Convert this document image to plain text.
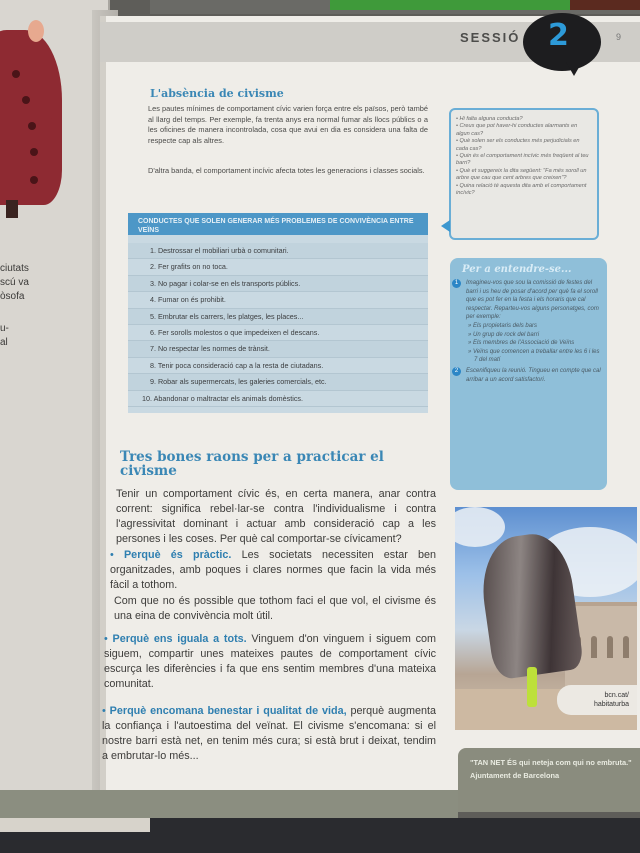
ciutats
scú va
òsofa
u-
al
SESSIÓ 2	9
L'absència de civisme
Les pautes mínimes de comportament cívic varien força entre els països, però també al llarg del temps. Per exemple, fa trenta anys era normal fumar als llocs públics o a les oficines de manera incontrolada, cosa que avui en dia es considera una falta de respecte cap als altres.
D'altra banda, el comportament incívic afecta totes les generacions i classes socials.
CONDUCTES QUE SOLEN GENERAR MÉS PROBLEMES DE CONVIVÈNCIA ENTRE VEÏNS
1. Destrossar el mobiliari urbà o comunitari.
2. Fer grafits on no toca.
3. No pagar i colar-se en els transports públics.
4. Fumar on és prohibit.
5. Embrutar els carrers, les platges, les places...
6. Fer sorolls molestos o que impedeixen el descans.
7. No respectar les normes de trànsit.
8. Tenir poca consideració cap a la resta de ciutadans.
9. Robar als supermercats, les galeries comercials, etc.
10. Abandonar o maltractar els animals domèstics.
• Hi falta alguna conducta?
• Creus que pot haver-hi conductes alarmants en algun cas?
• Què solen ser els conductes més perjudicials en cada cas?
• Quin és el comportament incívic més freqüent al teu barri?
• Què et suggereix la dita següent: "Fa més soroll un arbre que cau que cent arbres que creixen"?
• Quina relació té aquesta dita amb el comportament incívic?
Per a entendre-se...
1	Imagineu-vos que sou la comissió de festes del barri i us heu de posar d'acord per què fa el soroll que es pot fer en la festa i els horaris que cal respectar. Reparteu-vos alguns personatges, com per exemple:
» Els propietaris dels bars
» Un grup de rock del barri
» Els membres de l'Associació de Veïns
» Veïns que comencen a treballar entre les 6 i les 7 del matí
2	Escenifiqueu la reunió. Tingueu en compte que cal arribar a un acord satisfactori.
Tres bones raons per a practicar el civisme
Tenir un comportament cívic és, en certa manera, anar contra corrent: significa rebel·lar-se contra l'individualisme i contra l'agressivitat dominant i actuar amb consideració cap a les persones i les coses. Per què cal comportar-se cívicament?
• Perquè és pràctic. Les societats necessiten estar ben organitzades, amb poques i clares normes que facin la vida més fàcil a tothom.
Com que no és possible que tothom faci el que vol, el civisme és una eina de convivència molt útil.
• Perquè ens iguala a tots. Vinguem d'on vinguem i siguem com siguem, compartir unes mateixes pautes de comportament cívic escurça les diferències i fa que ens sentim membres d'una mateixa comunitat.
• Perquè encomana benestar i qualitat de vida, perquè augmenta la confiança i l'autoestima del veïnat. El civisme s'encomana: si el nostre barri està net, en tenim més cura; si està brut i deixat, tendim a embrutar-lo més...
bcn.cat/
habitaturba
"TAN NET ÉS qui neteja com qui no embruta." Ajuntament de Barcelona
